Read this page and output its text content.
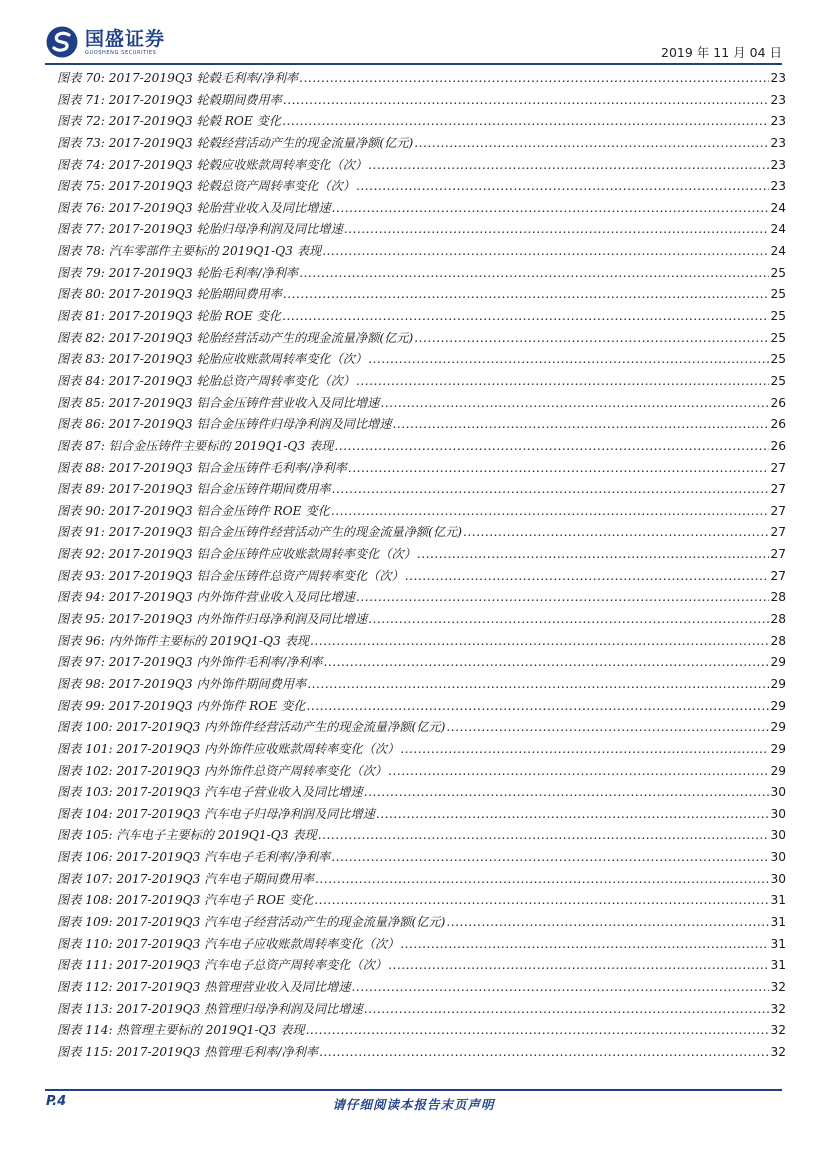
国盛证券
GUOSHENG SECURITIES	2019 年 11 月 04 日
图表 70: 2017-2019Q3 轮毂毛利率/净利率 .....	23
图表 71: 2017-2019Q3 轮毂期间费用率 .....	23
图表 72: 2017-2019Q3 轮毂 ROE 变化 .....	23
图表 73: 2017-2019Q3 轮毂经营活动产生的现金流量净额(亿元) .....	23
图表 74: 2017-2019Q3 轮毂应收账款周转率变化（次） .....	23
图表 75: 2017-2019Q3 轮毂总资产周转率变化（次） .....	23
图表 76: 2017-2019Q3 轮胎营业收入及同比增速 .....	24
图表 77: 2017-2019Q3 轮胎归母净利润及同比增速 .....	24
图表 78: 汽车零部件主要标的 2019Q1-Q3 表现 .....	24
图表 79: 2017-2019Q3 轮胎毛利率/净利率 .....	25
图表 80: 2017-2019Q3 轮胎期间费用率 .....	25
图表 81: 2017-2019Q3 轮胎 ROE 变化 .....	25
图表 82: 2017-2019Q3 轮胎经营活动产生的现金流量净额(亿元) .....	25
图表 83: 2017-2019Q3 轮胎应收账款周转率变化（次） .....	25
图表 84: 2017-2019Q3 轮胎总资产周转率变化（次） .....	25
图表 85: 2017-2019Q3 铝合金压铸件营业收入及同比增速 .....	26
图表 86: 2017-2019Q3 铝合金压铸件归母净利润及同比增速 .....	26
图表 87: 铝合金压铸件主要标的 2019Q1-Q3 表现 .....	26
图表 88: 2017-2019Q3 铝合金压铸件毛利率/净利率 .....	27
图表 89: 2017-2019Q3 铝合金压铸件期间费用率 .....	27
图表 90: 2017-2019Q3 铝合金压铸件 ROE 变化 .....	27
图表 91: 2017-2019Q3 铝合金压铸件经营活动产生的现金流量净额(亿元) .....	27
图表 92: 2017-2019Q3 铝合金压铸件应收账款周转率变化（次） .....	27
图表 93: 2017-2019Q3 铝合金压铸件总资产周转率变化（次） .....	27
图表 94: 2017-2019Q3 内外饰件营业收入及同比增速 .....	28
图表 95: 2017-2019Q3 内外饰件归母净利润及同比增速 .....	28
图表 96: 内外饰件主要标的 2019Q1-Q3 表现 .....	28
图表 97: 2017-2019Q3 内外饰件毛利率/净利率 .....	29
图表 98: 2017-2019Q3 内外饰件期间费用率 .....	29
图表 99: 2017-2019Q3 内外饰件 ROE 变化 .....	29
图表 100: 2017-2019Q3 内外饰件经营活动产生的现金流量净额(亿元) .....	29
图表 101: 2017-2019Q3 内外饰件应收账款周转率变化（次） .....	29
图表 102: 2017-2019Q3 内外饰件总资产周转率变化（次） .....	29
图表 103: 2017-2019Q3 汽车电子营业收入及同比增速 .....	30
图表 104: 2017-2019Q3 汽车电子归母净利润及同比增速 .....	30
图表 105: 汽车电子主要标的 2019Q1-Q3 表现 .....	30
图表 106: 2017-2019Q3 汽车电子毛利率/净利率 .....	30
图表 107: 2017-2019Q3 汽车电子期间费用率 .....	30
图表 108: 2017-2019Q3 汽车电子 ROE 变化 .....	31
图表 109: 2017-2019Q3 汽车电子经营活动产生的现金流量净额(亿元) .....	31
图表 110: 2017-2019Q3 汽车电子应收账款周转率变化（次） .....	31
图表 111: 2017-2019Q3 汽车电子总资产周转率变化（次） .....	31
图表 112: 2017-2019Q3 热管理营业收入及同比增速 .....	32
图表 113: 2017-2019Q3 热管理归母净利润及同比增速 .....	32
图表 114: 热管理主要标的 2019Q1-Q3 表现 .....	32
图表 115: 2017-2019Q3 热管理毛利率/净利率 .....	32
P.4	请仔细阅读本报告末页声明
